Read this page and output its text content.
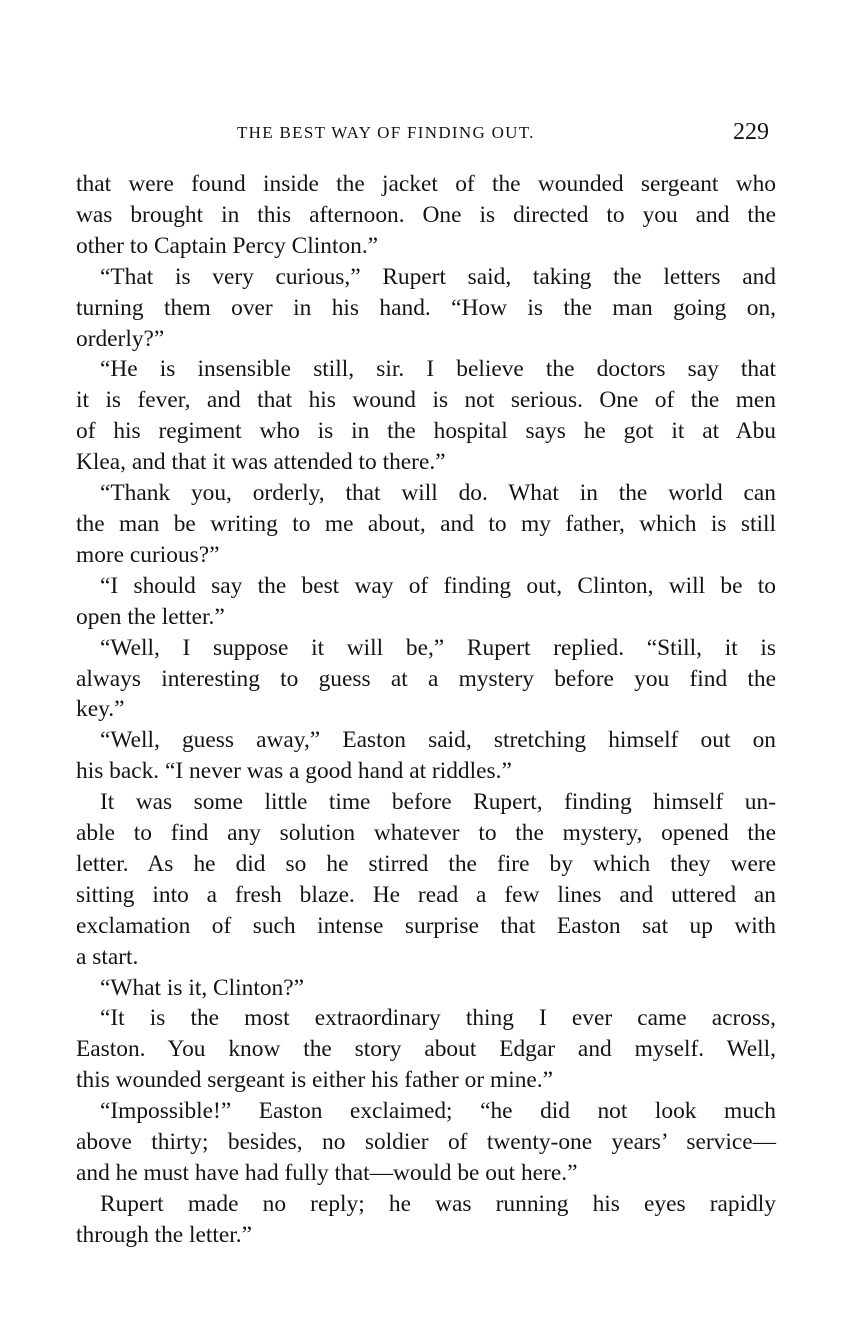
THE BEST WAY OF FINDING OUT.	229

that were found inside the jacket of the wounded sergeant who
was brought in this afternoon. One is directed to you and the
other to Captain Percy Clinton.”

“That is very curious,” Rupert said, taking the letters and
turning them over in his hand. “How is the man going on,
orderly?”

“He is insensible still, sir. I believe the doctors say that
it is fever, and that his wound is not serious. One of the men
of his regiment who is in the hospital says he got it at Abu
Klea, and that it was attended to there.”

“Thank you, orderly, that will do. What in the world can
the man be writing to me about, and to my father, which is still
more curious?”

“I should say the best way of finding out, Clinton, will be to
open the letter.”

“Well, I suppose it will be,” Rupert replied. “Still, it is
always interesting to guess at a mystery before you find the
key.”

“Well, guess away,” Easton said, stretching himself out on
his back. “I never was a good hand at riddles.”

It was some little time before Rupert, finding himself un-
able to find any solution whatever to the mystery, opened the
letter. As he did so he stirred the fire by which they were
sitting into a fresh blaze. He read a few lines and uttered an
exclamation of such intense surprise that Easton sat up with
a start.

“What is it, Clinton?”

“It is the most extraordinary thing I ever came across,
Easton. You know the story about Edgar and myself. Well,
this wounded sergeant is either his father or mine.”

“Impossible!” Easton exclaimed; “he did not look much
above thirty; besides, no soldier of twenty-one years’ service—
and he must have had fully that—would be out here.”

Rupert made no reply; he was running his eyes rapidly
through the letter.”
